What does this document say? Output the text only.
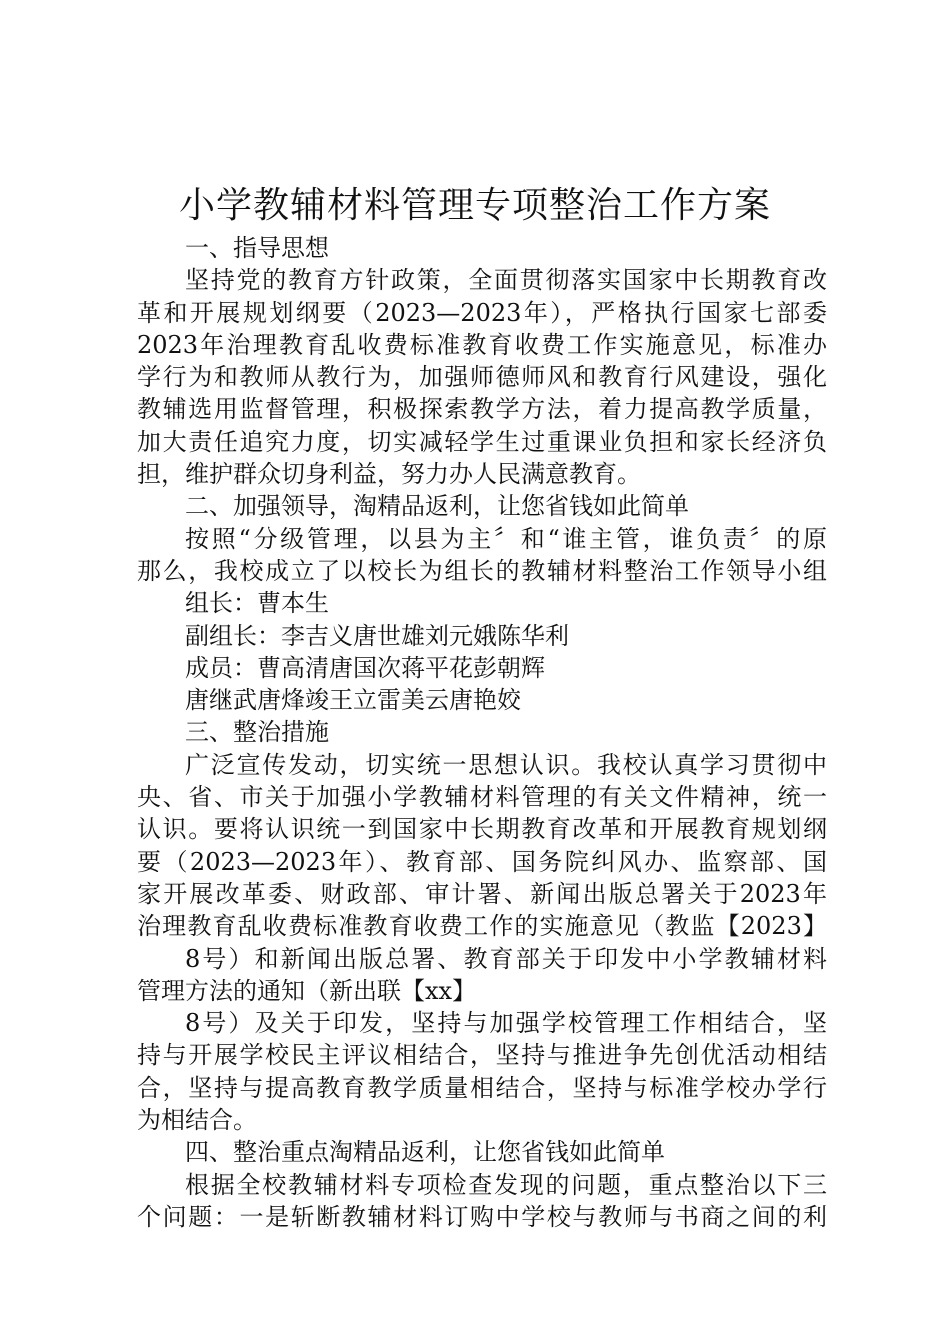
小学教辅材料管理专项整治工作方案
一、指导思想
坚持党的教育方针政策，全面贯彻落实国家中长期教育改
革和开展规划纲要（2023—2023年），严格执行国家七部委
2023年治理教育乱收费标准教育收费工作实施意见，标准办
学行为和教师从教行为，加强师德师风和教育行风建设，强化
教辅选用监督管理，积极探索教学方法，着力提高教学质量，
加大责任追究力度，切实减轻学生过重课业负担和家长经济负
担，维护群众切身利益，努力办人民满意教育。
二、加强领导，淘精品返利，让您省钱如此简单
按照“分级管理，以县为主〞和“谁主管，谁负责〞的原
那么，我校成立了以校长为组长的教辅材料整治工作领导小组
组长：曹本生
副组长：李吉义唐世雄刘元娥陈华利
成员：曹高清唐国次蒋平花彭朝辉
唐继武唐烽竣王立雷美云唐艳姣
三、整治措施
广泛宣传发动，切实统一思想认识。我校认真学习贯彻中
央、省、市关于加强小学教辅材料管理的有关文件精神，统一
认识。要将认识统一到国家中长期教育改革和开展教育规划纲
要（2023—2023年）、教育部、国务院纠风办、监察部、国
家开展改革委、财政部、审计署、新闻出版总署关于2023年
治理教育乱收费标准教育收费工作的实施意见（教监【2023】
8号）和新闻出版总署、教育部关于印发中小学教辅材料
管理方法的通知（新出联【xx】
8号）及关于印发，坚持与加强学校管理工作相结合，坚
持与开展学校民主评议相结合，坚持与推进争先创优活动相结
合，坚持与提高教育教学质量相结合，坚持与标准学校办学行
为相结合。
四、整治重点淘精品返利，让您省钱如此简单
根据全校教辅材料专项检查发现的问题，重点整治以下三
个问题：一是斩断教辅材料订购中学校与教师与书商之间的利
